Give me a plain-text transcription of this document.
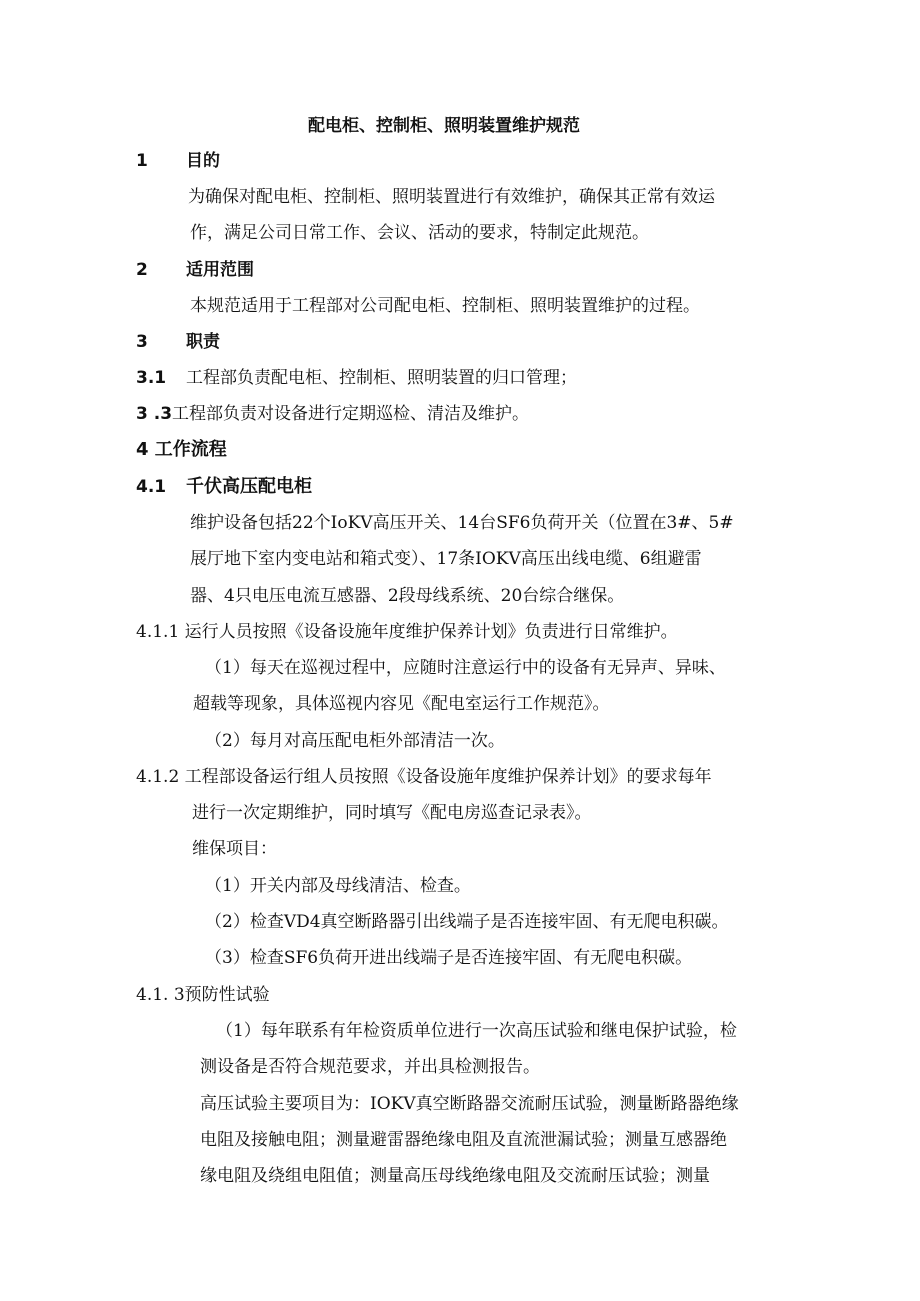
配电柜、控制柜、照明装置维护规范
1 目的
为确保对配电柜、控制柜、照明装置进行有效维护，确保其正常有效运
作，满足公司日常工作、会议、活动的要求，特制定此规范。
2 适用范围
本规范适用于工程部对公司配电柜、控制柜、照明装置维护的过程。
3 职责
3.1 工程部负责配电柜、控制柜、照明装置的归口管理；
3 .3工程部负责对设备进行定期巡检、清洁及维护。
4 工作流程
4.1 千伏高压配电柜
维护设备包括22个IoKV高压开关、14台SF6负荷开关（位置在3#、5#
展厅地下室内变电站和箱式变）、17条IOKV高压出线电缆、6组避雷
器、4只电压电流互感器、2段母线系统、20台综合继保。
4.1.1 运行人员按照《设备设施年度维护保养计划》负责进行日常维护。
（1）每天在巡视过程中，应随时注意运行中的设备有无异声、异味、
超载等现象，具体巡视内容见《配电室运行工作规范》。
（2）每月对高压配电柜外部清洁一次。
4.1.2 工程部设备运行组人员按照《设备设施年度维护保养计划》的要求每年
进行一次定期维护，同时填写《配电房巡查记录表》。
维保项目：
（1）开关内部及母线清洁、检查。
（2）检查VD4真空断路器引出线端子是否连接牢固、有无爬电积碳。
（3）检查SF6负荷开进出线端子是否连接牢固、有无爬电积碳。
4.1. 3预防性试验
（1）每年联系有年检资质单位进行一次高压试验和继电保护试验，检
测设备是否符合规范要求，并出具检测报告。
高压试验主要项目为：IOKV真空断路器交流耐压试验，测量断路器绝缘
电阻及接触电阻；测量避雷器绝缘电阻及直流泄漏试验；测量互感器绝
缘电阻及绕组电阻值；测量高压母线绝缘电阻及交流耐压试验；测量
